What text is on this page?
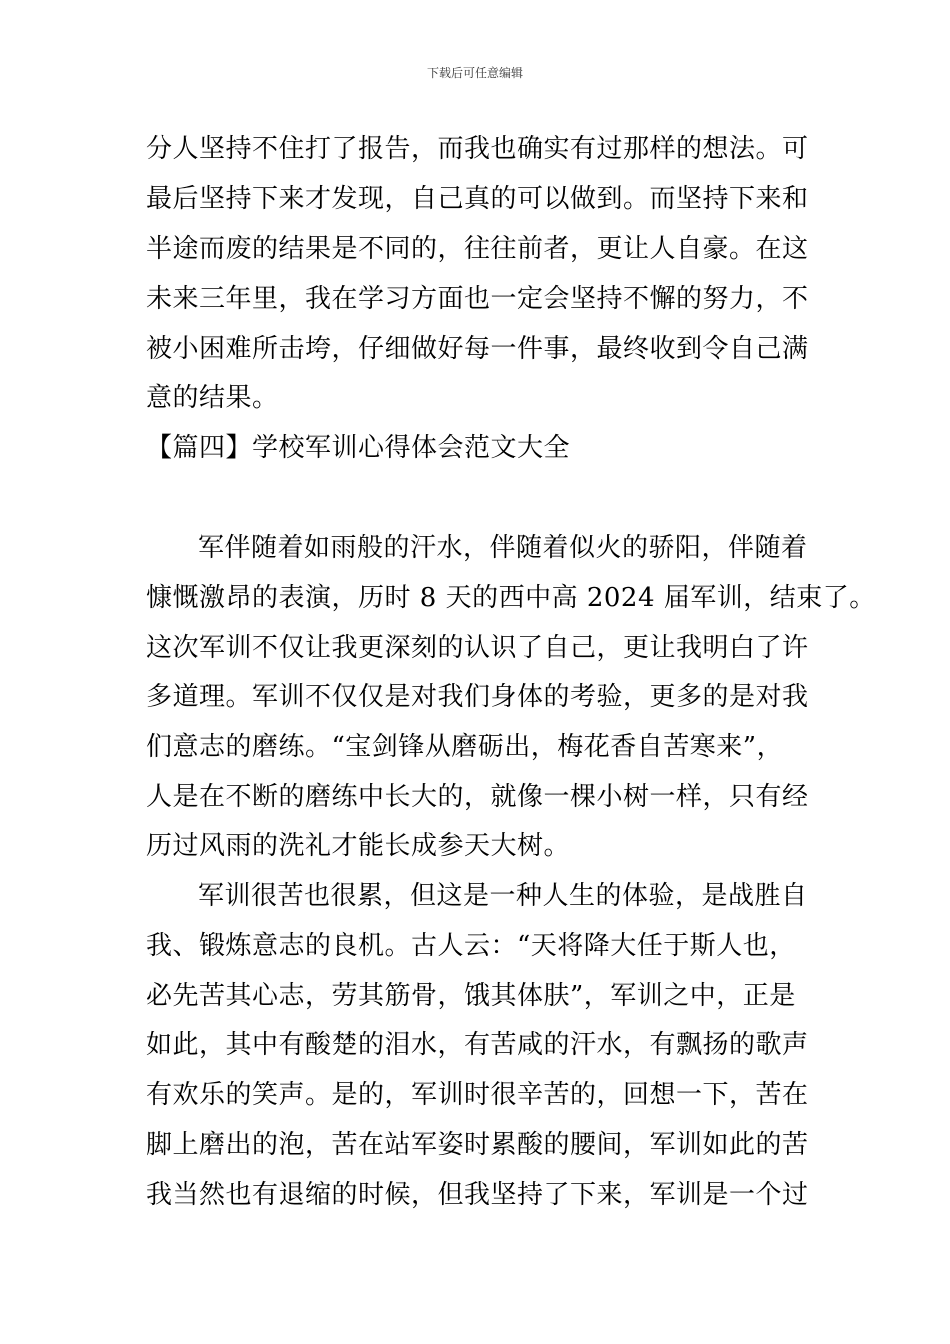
下载后可任意编辑
分人坚持不住打了报告，而我也确实有过那样的想法。可
最后坚持下来才发现，自己真的可以做到。而坚持下来和
半途而废的结果是不同的，往往前者，更让人自豪。在这
未来三年里，我在学习方面也一定会坚持不懈的努力，不
被小困难所击垮，仔细做好每一件事，最终收到令自己满
意的结果。
【篇四】学校军训心得体会范文大全
军伴随着如雨般的汗水，伴随着似火的骄阳，伴随着
慷慨激昂的表演，历时 8 天的西中高 2024 届军训，结束了。
这次军训不仅让我更深刻的认识了自己，更让我明白了许
多道理。军训不仅仅是对我们身体的考验，更多的是对我
们意志的磨练。“宝剑锋从磨砺出，梅花香自苦寒来”，
人是在不断的磨练中长大的，就像一棵小树一样，只有经
历过风雨的洗礼才能长成参天大树。
军训很苦也很累，但这是一种人生的体验，是战胜自
我、锻炼意志的良机。古人云：“天将降大任于斯人也，
必先苦其心志，劳其筋骨，饿其体肤”，军训之中，正是
如此，其中有酸楚的泪水，有苦咸的汗水，有飘扬的歌声
有欢乐的笑声。是的，军训时很辛苦的，回想一下，苦在
脚上磨出的泡，苦在站军姿时累酸的腰间，军训如此的苦
我当然也有退缩的时候，但我坚持了下来，军训是一个过
